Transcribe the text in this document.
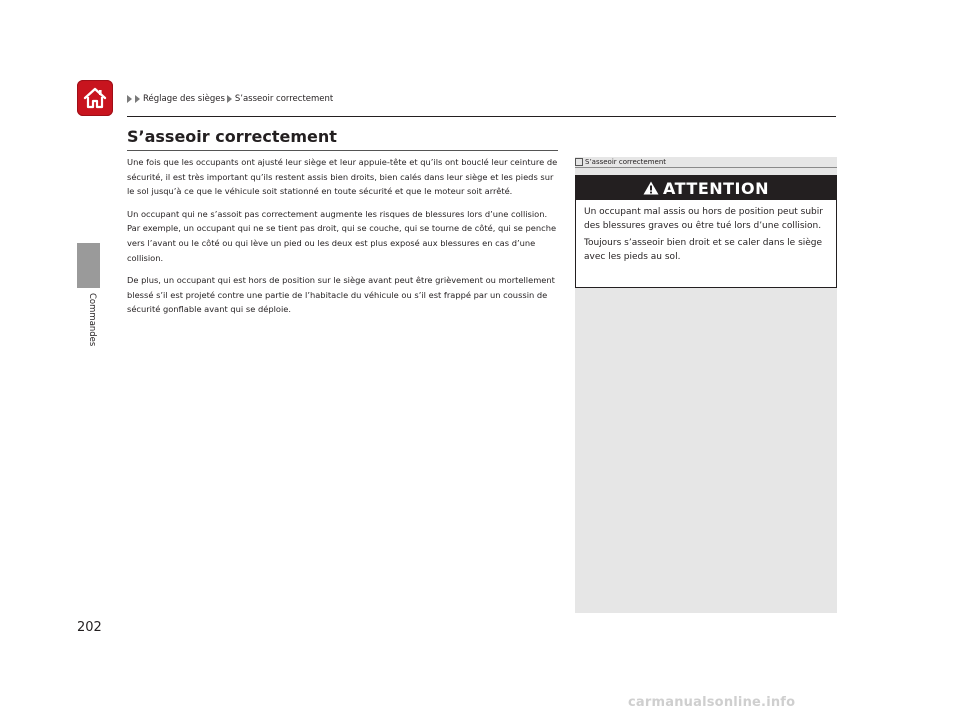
Réglage des sièges S’asseoir correctement
Commandes
S’asseoir correctement

Une fois que les occupants ont ajusté leur siège et leur appuie-tête et qu’ils ont bouclé leur ceinture de sécurité, il est très important qu’ils restent assis bien droits, bien calés dans leur siège et les pieds sur le sol jusqu’à ce que le véhicule soit stationné en toute sécurité et que le moteur soit arrêté.

Un occupant qui ne s’assoit pas correctement augmente les risques de blessures lors d’une collision. Par exemple, un occupant qui ne se tient pas droit, qui se couche, qui se tourne de côté, qui se penche vers l’avant ou le côté ou qui lève un pied ou les deux est plus exposé aux blessures en cas d’une collision.

De plus, un occupant qui est hors de position sur le siège avant peut être grièvement ou mortellement blessé s’il est projeté contre une partie de l’habitacle du véhicule ou s’il est frappé par un coussin de sécurité gonflable avant qui se déploie.

S’asseoir correctement
ATTENTION

Un occupant mal assis ou hors de position peut subir des blessures graves ou être tué lors d’une collision.

Toujours s’asseoir bien droit et se caler dans le siège avec les pieds au sol.

202
carmanualsonline.info
